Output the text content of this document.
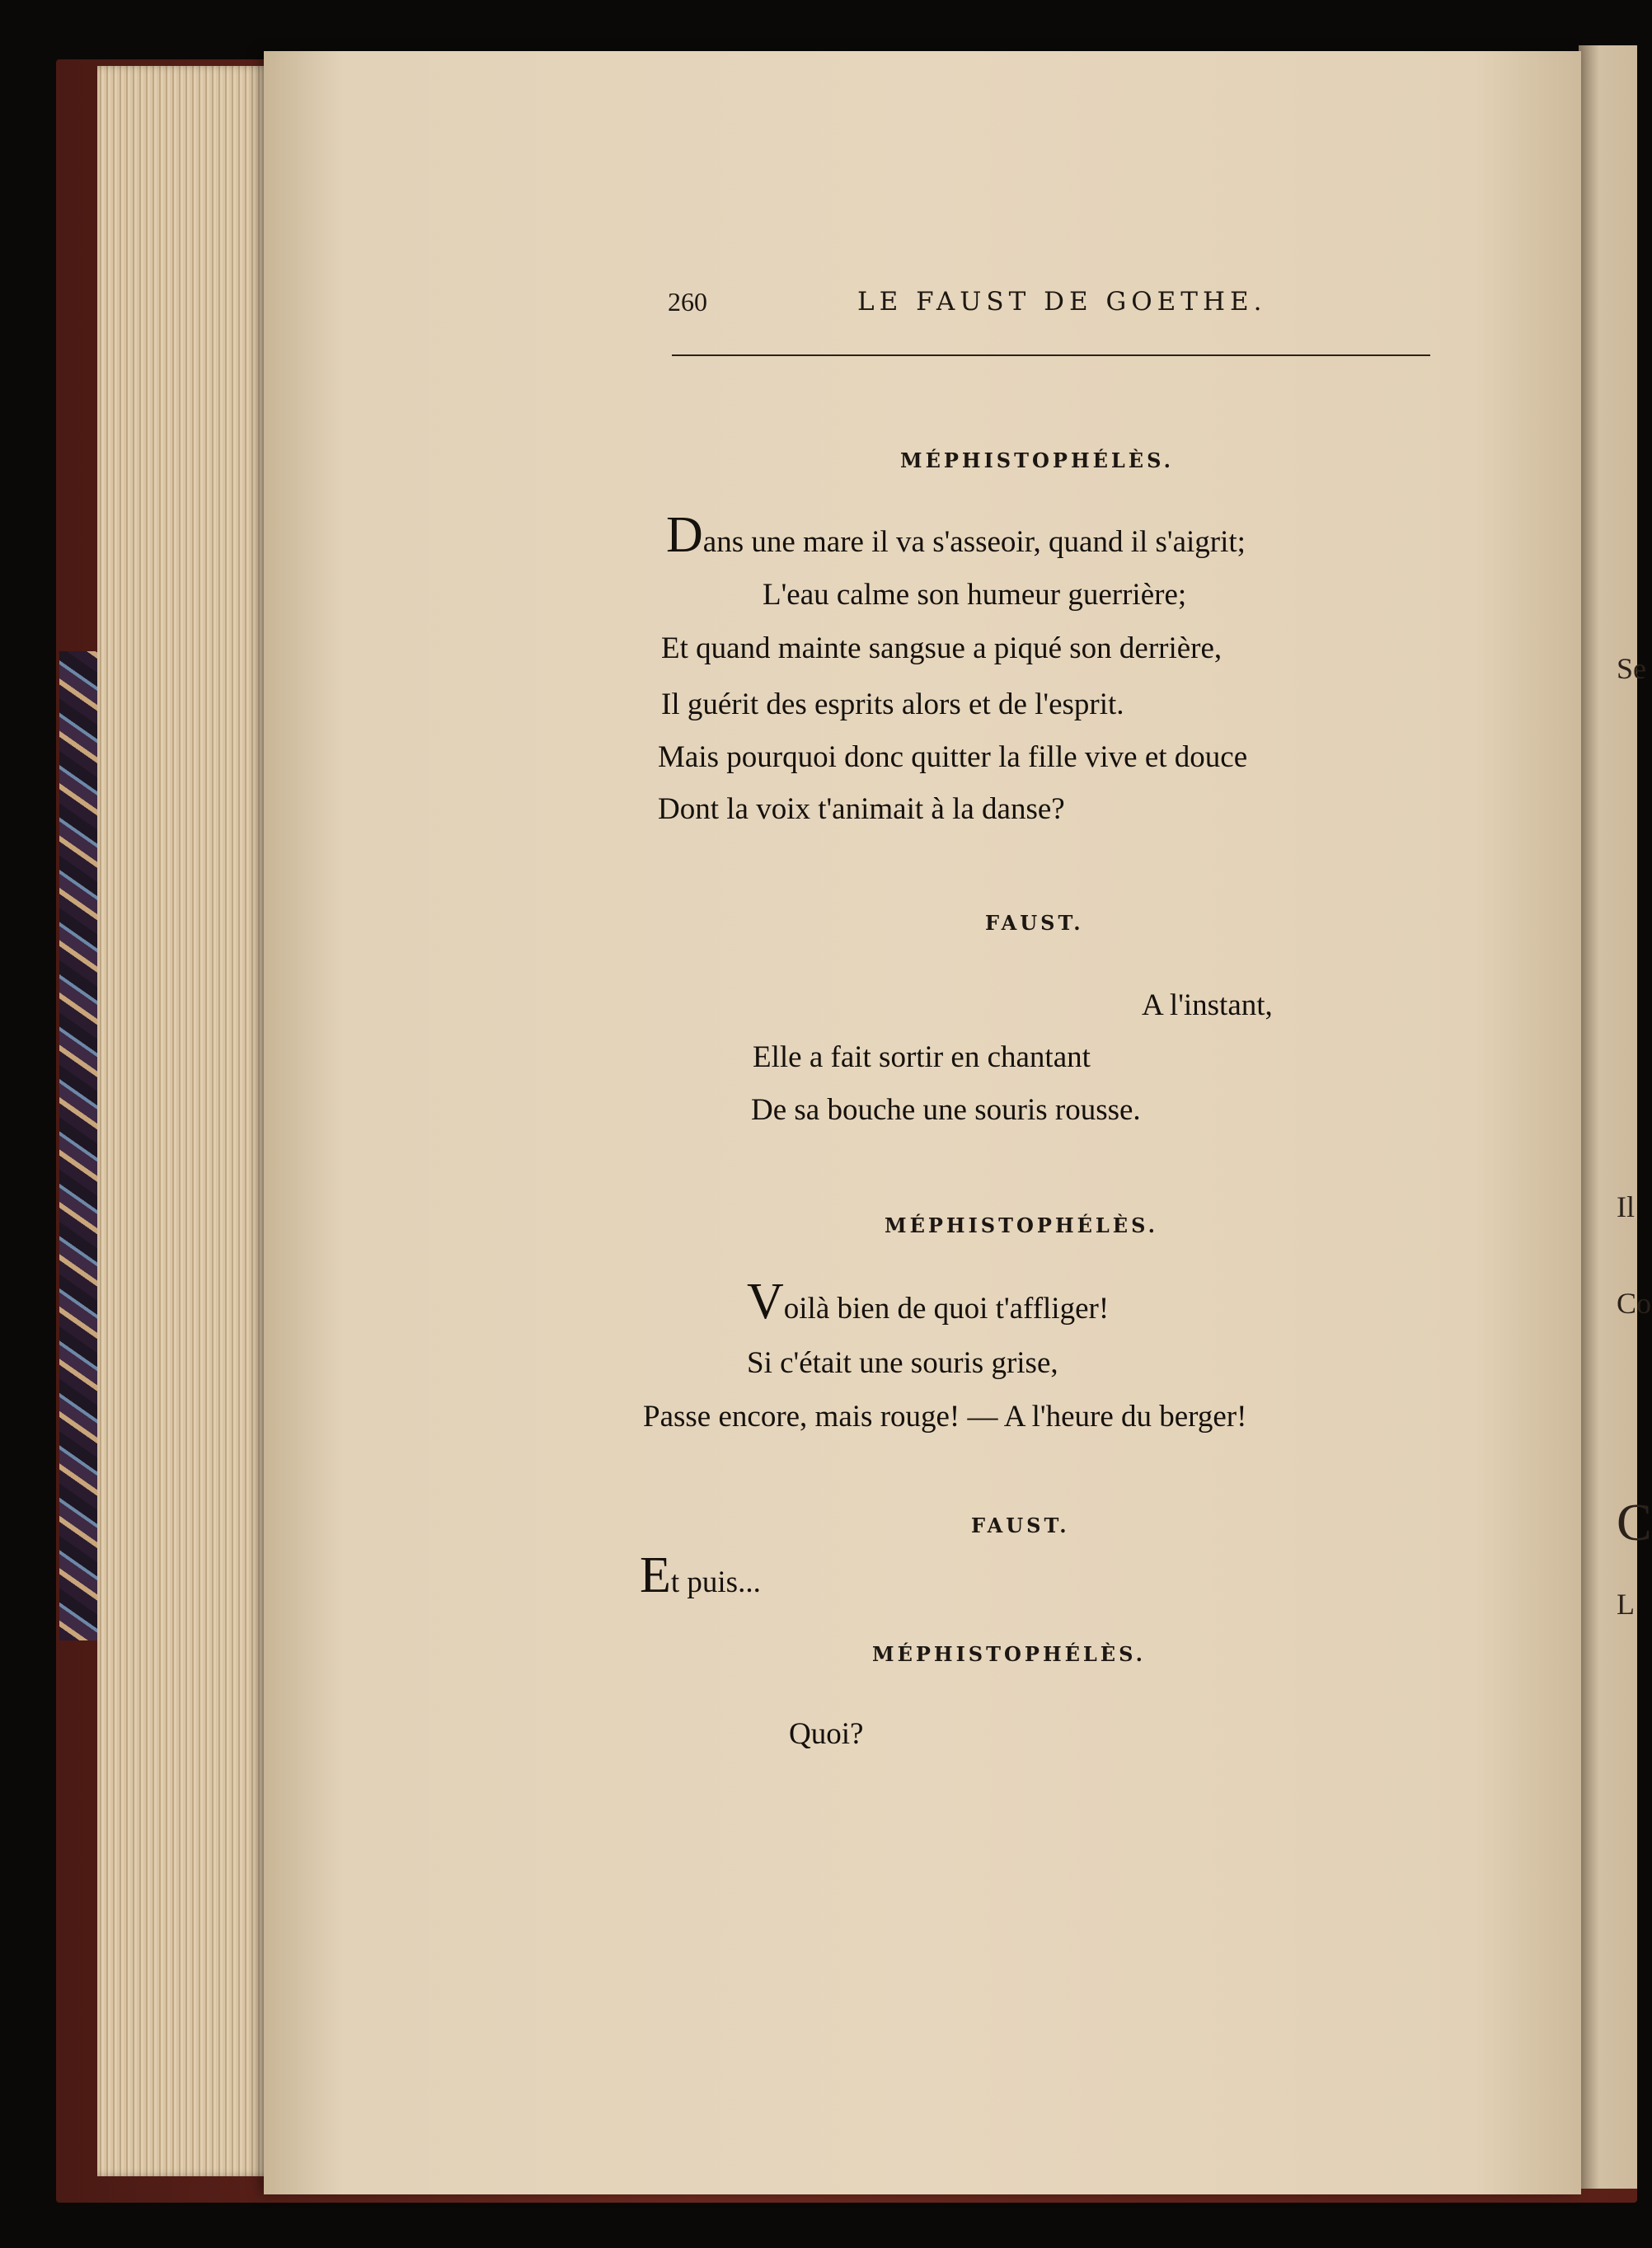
Se
Il
Co
C
L
260	LE FAUST DE GOETHE.
MÉPHISTOPHÉLÈS.
Dans une mare il va s'asseoir, quand il s'aigrit;
L'eau calme son humeur guerrière;
Et quand mainte sangsue a piqué son derrière,
Il guérit des esprits alors et de l'esprit.
Mais pourquoi donc quitter la fille vive et douce
Dont la voix t'animait à la danse?
FAUST.
A l'instant,
Elle a fait sortir en chantant
De sa bouche une souris rousse.
MÉPHISTOPHÉLÈS.
Voilà bien de quoi t'affliger!
Si c'était une souris grise,
Passe encore, mais rouge! — A l'heure du berger!
FAUST.
Et puis...
MÉPHISTOPHÉLÈS.
Quoi?
